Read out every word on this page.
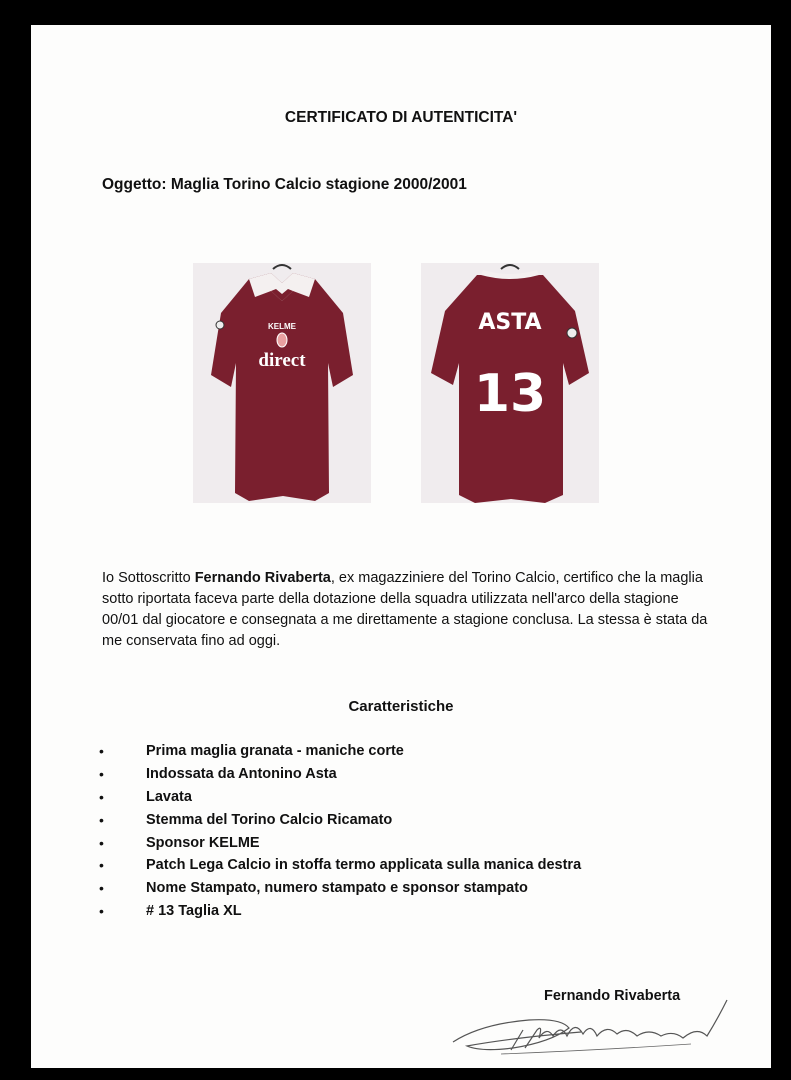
CERTIFICATO DI AUTENTICITA'
Oggetto: Maglia Torino Calcio stagione 2000/2001
KELME
direct
ASTA
13
Io Sottoscritto Fernando Rivaberta, ex magazziniere del Torino Calcio, certifico che la maglia sotto riportata faceva parte della dotazione della squadra utilizzata nell'arco della stagione 00/01 dal giocatore e consegnata a me direttamente a stagione conclusa. La stessa è stata da me conservata fino ad oggi.
Caratteristiche
•	Prima maglia granata - maniche corte
•	Indossata da Antonino Asta
•	Lavata
•	Stemma del Torino Calcio Ricamato
•	Sponsor KELME
•	Patch Lega Calcio in stoffa termo applicata sulla manica destra
•	Nome Stampato, numero stampato e sponsor stampato
•	# 13 Taglia XL
Fernando Rivaberta
